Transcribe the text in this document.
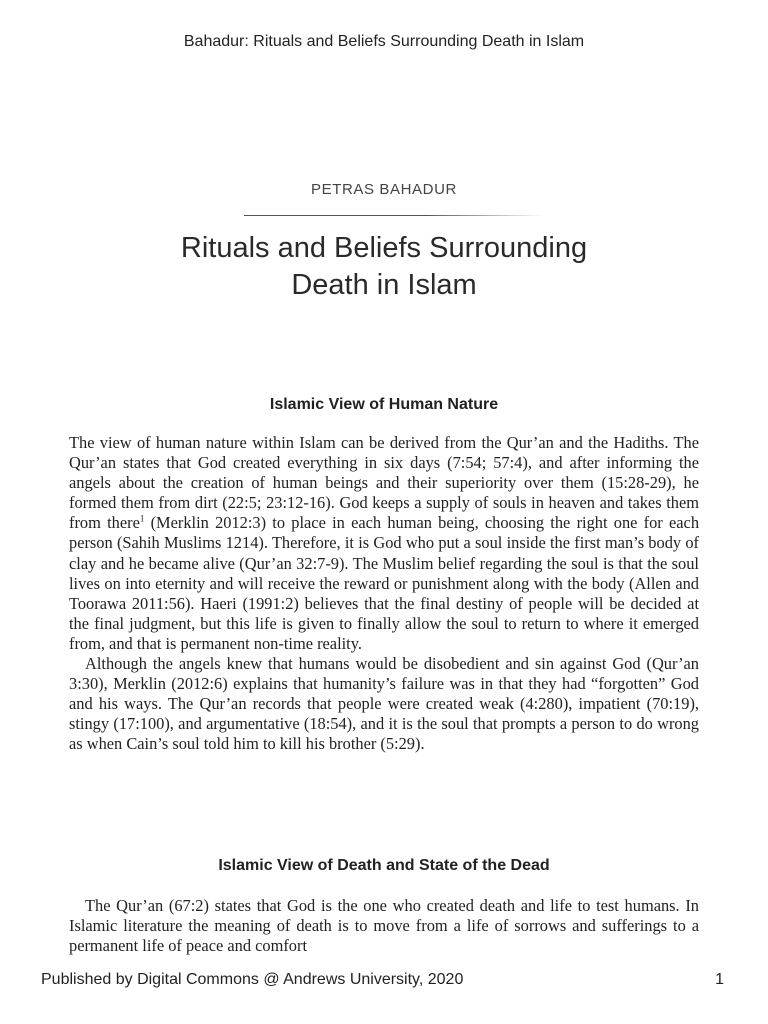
Bahadur: Rituals and Beliefs Surrounding Death in Islam
PETRAS BAHADUR
Rituals and Beliefs Surrounding
Death in Islam
Islamic View of Human Nature

The view of human nature within Islam can be derived from the Qur’an and the Hadiths. The Qur’an states that God created everything in six days (7:54; 57:4), and after informing the angels about the creation of human beings and their superiority over them (15:28-29), he formed them from dirt (22:5; 23:12-16). God keeps a supply of souls in heaven and takes them from there$^1$ (Merklin 2012:3) to place in each human being, choosing the right one for each person (Sahih Muslims 1214). Therefore, it is God who put a soul inside the first man’s body of clay and he became alive (Qur’an 32:7-9). The Muslim belief regarding the soul is that the soul lives on into eternity and will receive the reward or punishment along with the body (Allen and Toorawa 2011:56). Haeri (1991:2) believes that the final destiny of people will be decided at the final judgment, but this life is given to finally allow the soul to return to where it emerged from, and that is permanent non-time reality.

Although the angels knew that humans would be disobedient and sin against God (Qur’an 3:30), Merklin (2012:6) explains that humanity’s failure was in that they had “forgotten” God and his ways. The Qur’an records that people were created weak (4:280), impatient (70:19), stingy (17:100), and argumentative (18:54), and it is the soul that prompts a person to do wrong as when Cain’s soul told him to kill his brother (5:29).

Islamic View of Death and State of the Dead

The Qur’an (67:2) states that God is the one who created death and life to test humans. In Islamic literature the meaning of death is to move from a life of sorrows and sufferings to a permanent life of peace and comfort

Published by Digital Commons @ Andrews University, 2020	1
